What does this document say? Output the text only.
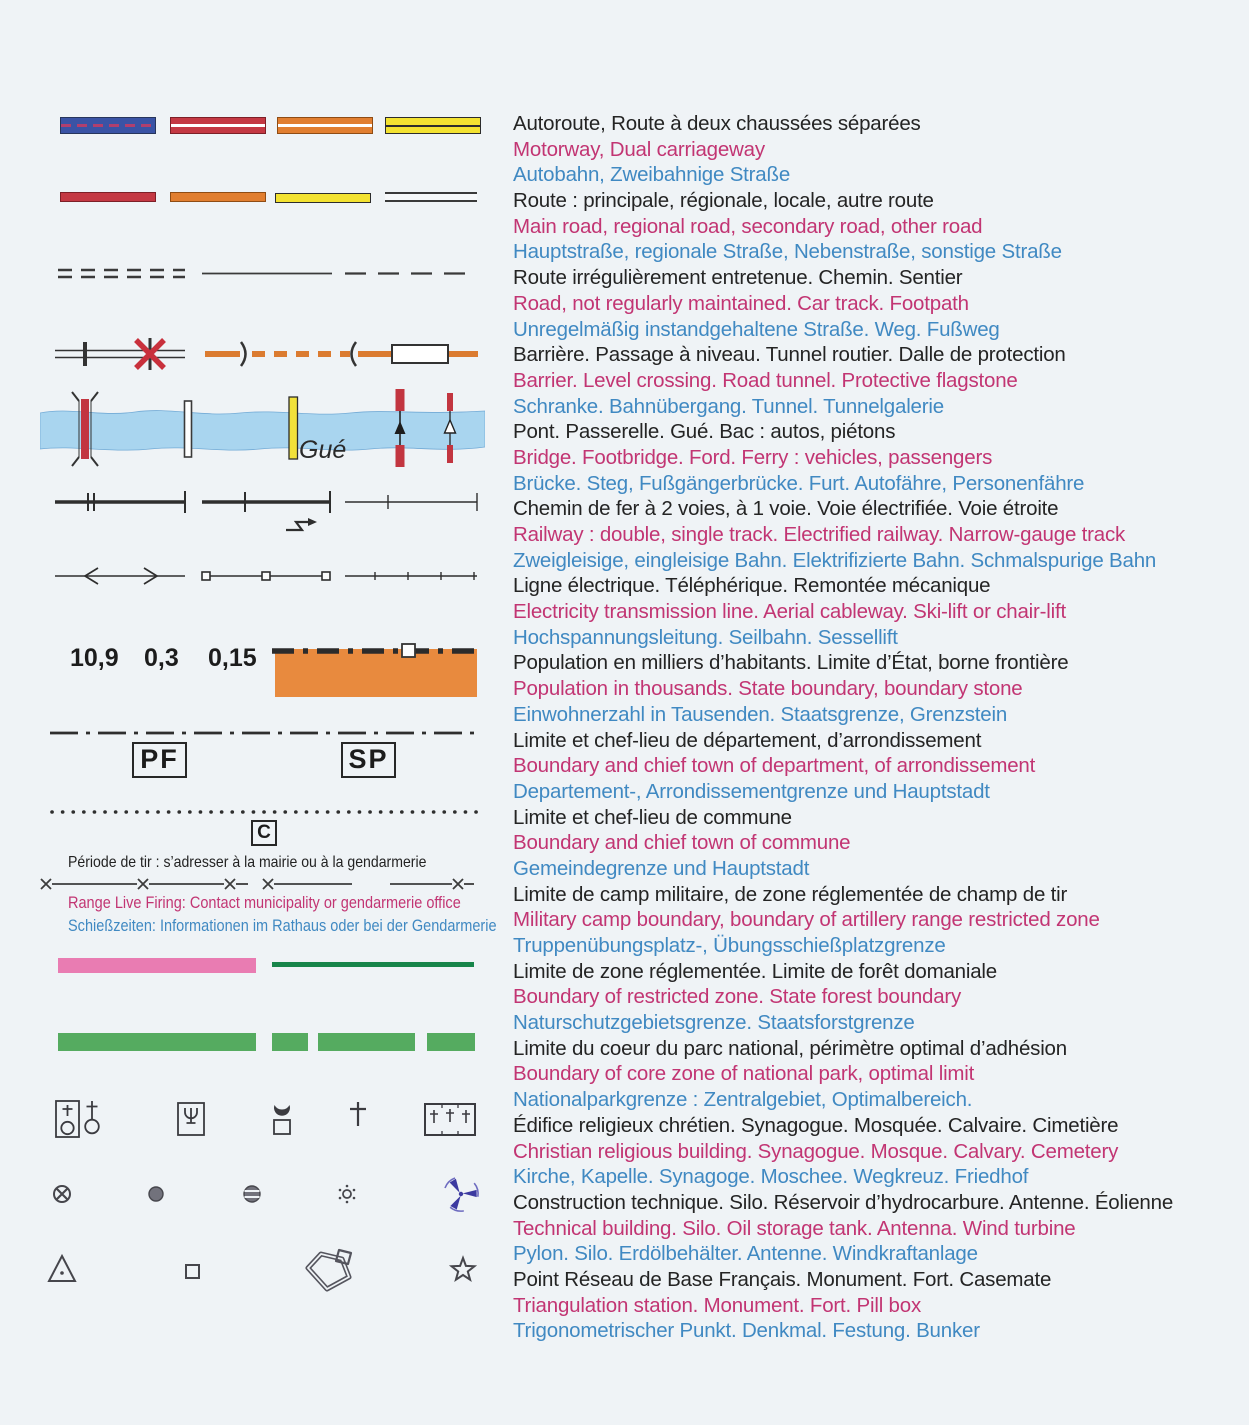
Gué
10,9 0,3 0,15
PF	SP
C
Période de tir : s’adresser à la mairie ou à la gendarmerie
Range Live Firing: Contact municipality or gendarmerie office
Schießzeiten: Informationen im Rathaus oder bei der Gendarmerie
Autoroute, Route à deux chaussées séparées
Motorway, Dual carriageway
Autobahn, Zweibahnige Straße
Route : principale, régionale, locale, autre route
Main road, regional road, secondary road, other road
Hauptstraße, regionale Straße, Nebenstraße, sonstige Straße
Route irrégulièrement entretenue. Chemin. Sentier
Road, not regularly maintained. Car track. Footpath
Unregelmäßig instandgehaltene Straße. Weg. Fußweg
Barrière. Passage à niveau. Tunnel routier. Dalle de protection
Barrier. Level crossing. Road tunnel. Protective flagstone
Schranke. Bahnübergang. Tunnel. Tunnelgalerie
Pont. Passerelle. Gué. Bac : autos, piétons
Bridge. Footbridge. Ford. Ferry : vehicles, passengers
Brücke. Steg, Fußgängerbrücke. Furt. Autofähre, Personenfähre
Chemin de fer à 2 voies, à 1 voie. Voie électrifiée. Voie étroite
Railway : double, single track. Electrified railway. Narrow-gauge track
Zweigleisige, eingleisige Bahn. Elektrifizierte Bahn. Schmalspurige Bahn
Ligne électrique. Téléphérique. Remontée mécanique
Electricity transmission line. Aerial cableway. Ski-lift or chair-lift
Hochspannungsleitung. Seilbahn. Sessellift
Population en milliers d’habitants. Limite d’État, borne frontière
Population in thousands. State boundary, boundary stone
Einwohnerzahl in Tausenden. Staatsgrenze, Grenzstein
Limite et chef-lieu de département, d’arrondissement
Boundary and chief town of department, of arrondissement
Departement-, Arrondissementgrenze und Hauptstadt
Limite et chef-lieu de commune
Boundary and chief town of commune
Gemeindegrenze und Hauptstadt
Limite de camp militaire, de zone réglementée de champ de tir
Military camp boundary, boundary of artillery range restricted zone
Truppenübungsplatz-, Übungsschießplatzgrenze
Limite de zone réglementée. Limite de forêt domaniale
Boundary of restricted zone. State forest boundary
Naturschutzgebietsgrenze. Staatsforstgrenze
Limite du coeur du parc national, périmètre optimal d’adhésion
Boundary of core zone of national park, optimal limit
Nationalparkgrenze : Zentralgebiet, Optimalbereich.
Édifice religieux chrétien. Synagogue. Mosquée. Calvaire. Cimetière
Christian religious building. Synagogue. Mosque. Calvary. Cemetery
Kirche, Kapelle. Synagoge. Moschee. Wegkreuz. Friedhof
Construction technique. Silo. Réservoir d’hydrocarbure. Antenne. Éolienne
Technical building. Silo. Oil storage tank. Antenna. Wind turbine
Pylon. Silo. Erdölbehälter. Antenne. Windkraftanlage
Point Réseau de Base Français. Monument. Fort. Casemate
Triangulation station. Monument. Fort. Pill box
Trigonometrischer Punkt. Denkmal. Festung. Bunker
